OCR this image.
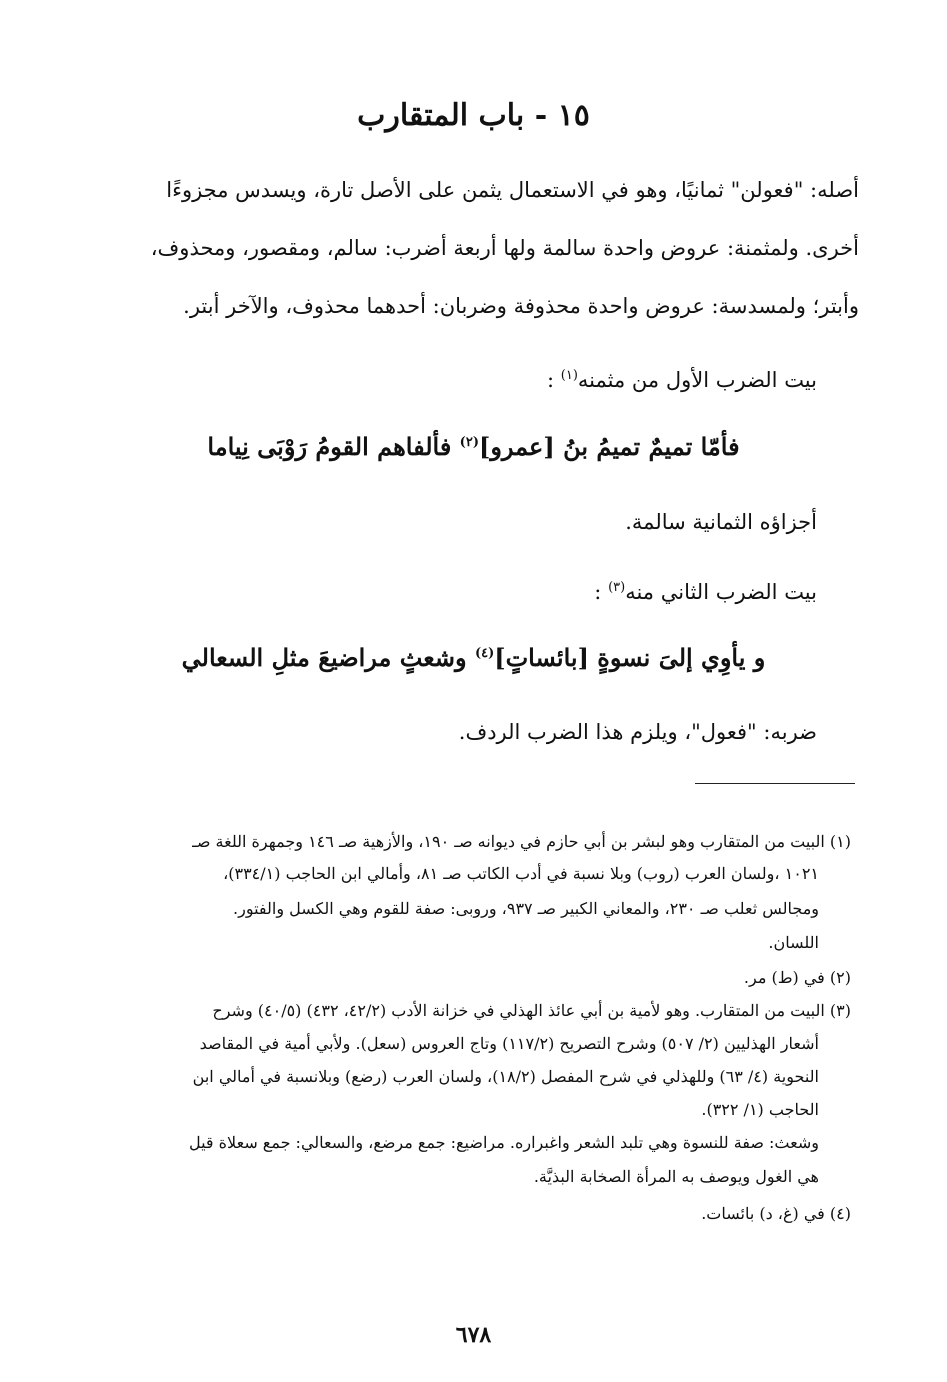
١٥ - باب المتقارب
أصله: "فعولن" ثمانيًا، وهو في الاستعمال يثمن على الأصل تارة، ويسدس مجزوءًا
أخرى. ولمثمنة: عروض واحدة سالمة ولها أربعة أضرب: سالم، ومقصور، ومحذوف،
وأبتر؛ ولمسدسة: عروض واحدة محذوفة وضربان: أحدهما محذوف، والآخر أبتر.
بيت الضرب الأول من مثمنه$^{(١)}$ :
فأمّا تميمٌ تميمُ بنُ [عمرو]$^{(٢)}$ فألفاهم القومُ رَوْبَى نِياما
أجزاؤه الثمانية سالمة.
بيت الضرب الثاني منه$^{(٣)}$ :
و يأوِي إلىَ نسوةٍ [بائساتٍ]$^{(٤)}$ وشعثٍ مراضيعَ مثلِ السعالي
ضربه: "فعول"، ويلزم هذا الضرب الردف.
(١) البيت من المتقارب وهو لبشر بن أبي حازم في ديوانه صـ ١٩٠، والأزهية صـ ١٤٦ وجمهرة اللغة صـ
١٠٢١ ،ولسان العرب (روب) وبلا نسبة في أدب الكاتب صـ ٨١، وأمالي ابن الحاجب (٣٣٤/١)،
ومجالس ثعلب صـ ٢٣٠، والمعاني الكبير صـ ٩٣٧، وروبى: صفة للقوم وهي الكسل والفتور.
اللسان.
(٢) في (ط) مر.
(٣) البيت من المتقارب. وهو لأمية بن أبي عائذ الهذلي في خزانة الأدب (٤٢/٢، ٤٣٢) (٤٠/٥) وشرح
أشعار الهذليين (٢/ ٥٠٧) وشرح التصريح (١١٧/٢) وتاج العروس (سعل). ولأبي أمية في المقاصد
النحوية (٤/ ٦٣) وللهذلي في شرح المفصل (١٨/٢)، ولسان العرب (رضع) وبلانسبة في أمالي ابن
الحاجب (١/ ٣٢٢).
وشعث: صفة للنسوة وهي تلبد الشعر واغبراره. مراضيع: جمع مرضع، والسعالي: جمع سعلاة قيل
هي الغول ويوصف به المرأة الصخابة البذيَّة.
(٤) في (غ، د) بائسات.
٦٧٨
